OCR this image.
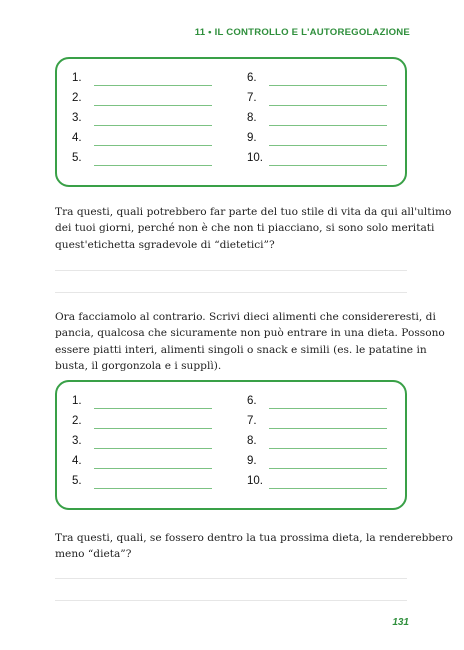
11 • IL CONTROLLO E L'AUTOREGOLAZIONE
1.
2.
3.
4.
5.
6.
7.
8.
9.
10.
Tra questi, quali potrebbero far parte del tuo stile di vita da qui all'ultimo
dei tuoi giorni, perché non è che non ti piacciano, si sono solo meritati
quest'etichetta sgradevole di “dietetici”?
Ora facciamolo al contrario. Scrivi dieci alimenti che considereresti, di
pancia, qualcosa che sicuramente non può entrare in una dieta. Possono
essere piatti interi, alimenti singoli o snack e simili (es. le patatine in
busta, il gorgonzola e i supplì).
1.
2.
3.
4.
5.
6.
7.
8.
9.
10.
Tra questi, quali, se fossero dentro la tua prossima dieta, la renderebbero
meno “dieta”?
131
